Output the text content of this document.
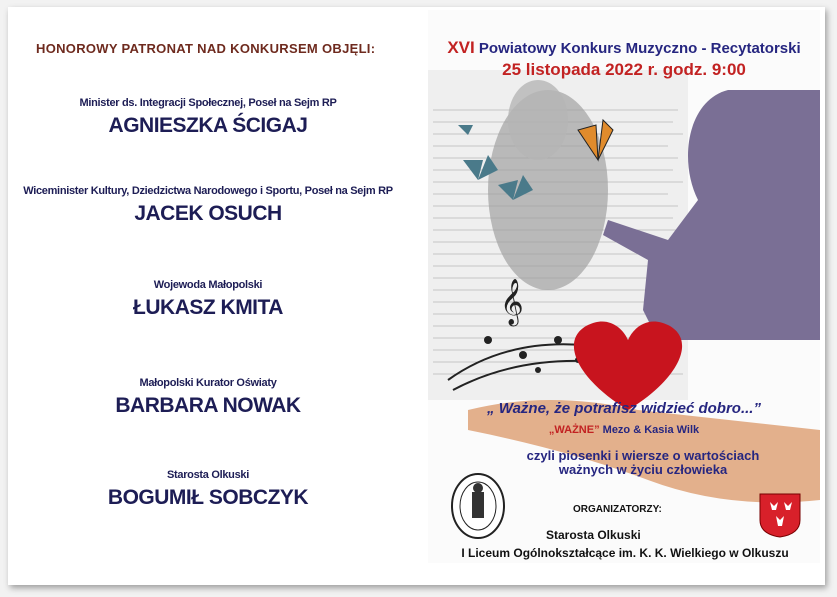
HONOROWY PATRONAT NAD KONKURSEM OBJĘLI:
Minister ds. Integracji Społecznej, Poseł na Sejm RP
AGNIESZKA ŚCIGAJ
Wiceminister Kultury, Dziedzictwa Narodowego i Sportu, Poseł na Sejm RP
JACEK OSUCH
Wojewoda Małopolski
ŁUKASZ KMITA
Małopolski Kurator Oświaty
BARBARA NOWAK
Starosta Olkuski
BOGUMIŁ SOBCZYK
𝄞
XVI Powiatowy Konkurs Muzyczno - Recytatorski
25 listopada 2022 r. godz. 9:00
„ Ważne, że potrafisz widzieć dobro...”
„WAŻNE” Mezo & Kasia Wilk
czyli piosenki i wiersze o wartościach
ważnych w życiu człowieka
ORGANIZATORZY:
Starosta Olkuski
I Liceum Ogólnokształcące im. K. K. Wielkiego w Olkuszu
